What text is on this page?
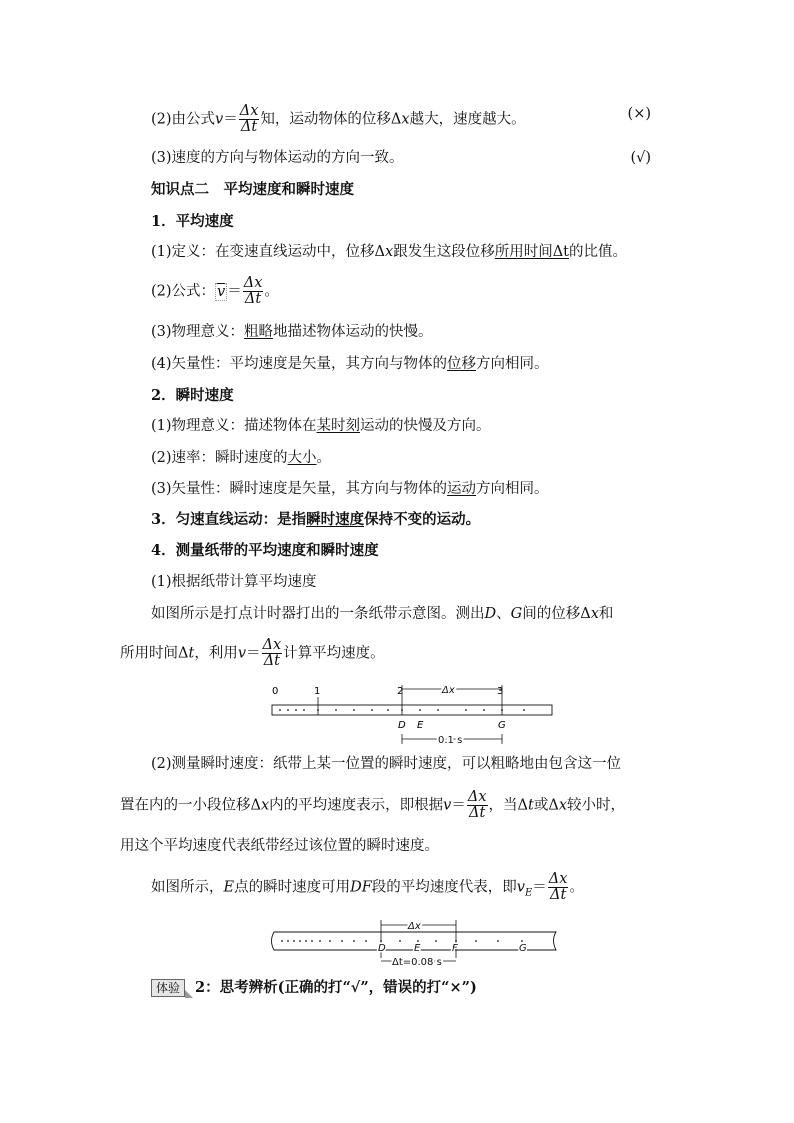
(2)由公式$v= \frac{\Delta x}{\Delta t}$ 知，运动物体的位移Δx越大，速度越大。	(×)
(3)速度的方向与物体运动的方向一致。	(√)
知识点二　平均速度和瞬时速度
1．平均速度
(1)定义：在变速直线运动中，位移Δx跟发生这段位移所用时间Δt的比值。
(2)公式： $\overline{v} = \frac{\Delta x}{\Delta t}$ 。
(3)物理意义：粗略地描述物体运动的快慢。
(4)矢量性：平均速度是矢量，其方向与物体的位移方向相同。
2．瞬时速度
(1)物理意义：描述物体在某时刻运动的快慢及方向。
(2)速率：瞬时速度的大小。
(3)矢量性：瞬时速度是矢量，其方向与物体的运动方向相同。
3．匀速直线运动：是指瞬时速度保持不变的运动。
4．测量纸带的平均速度和瞬时速度
(1)根据纸带计算平均速度
如图所示是打点计时器打出的一条纸带示意图。测出D、G间的位移Δx和
所用时间Δt，利用$v= \frac{\Delta x}{\Delta t}$ 计算平均速度。
0	1	2	3
Δx
D E	G
0.1 s
(2)测量瞬时速度：纸带上某一位置的瞬时速度，可以粗略地由包含这一位
置在内的一小段位移Δx内的平均速度表示，即根据$v= \frac{\Delta x}{\Delta t}$ ，当Δt或Δx较小时，
用这个平均速度代表纸带经过该位置的瞬时速度。
如图所示，E点的瞬时速度可用DF段的平均速度代表，即$v_E= \frac{\Delta x}{\Delta t}$ 。
Δx
D	E	F	G
Δt=0.08 s
体验 2：思考辨析(正确的打“√”，错误的打“×”)
